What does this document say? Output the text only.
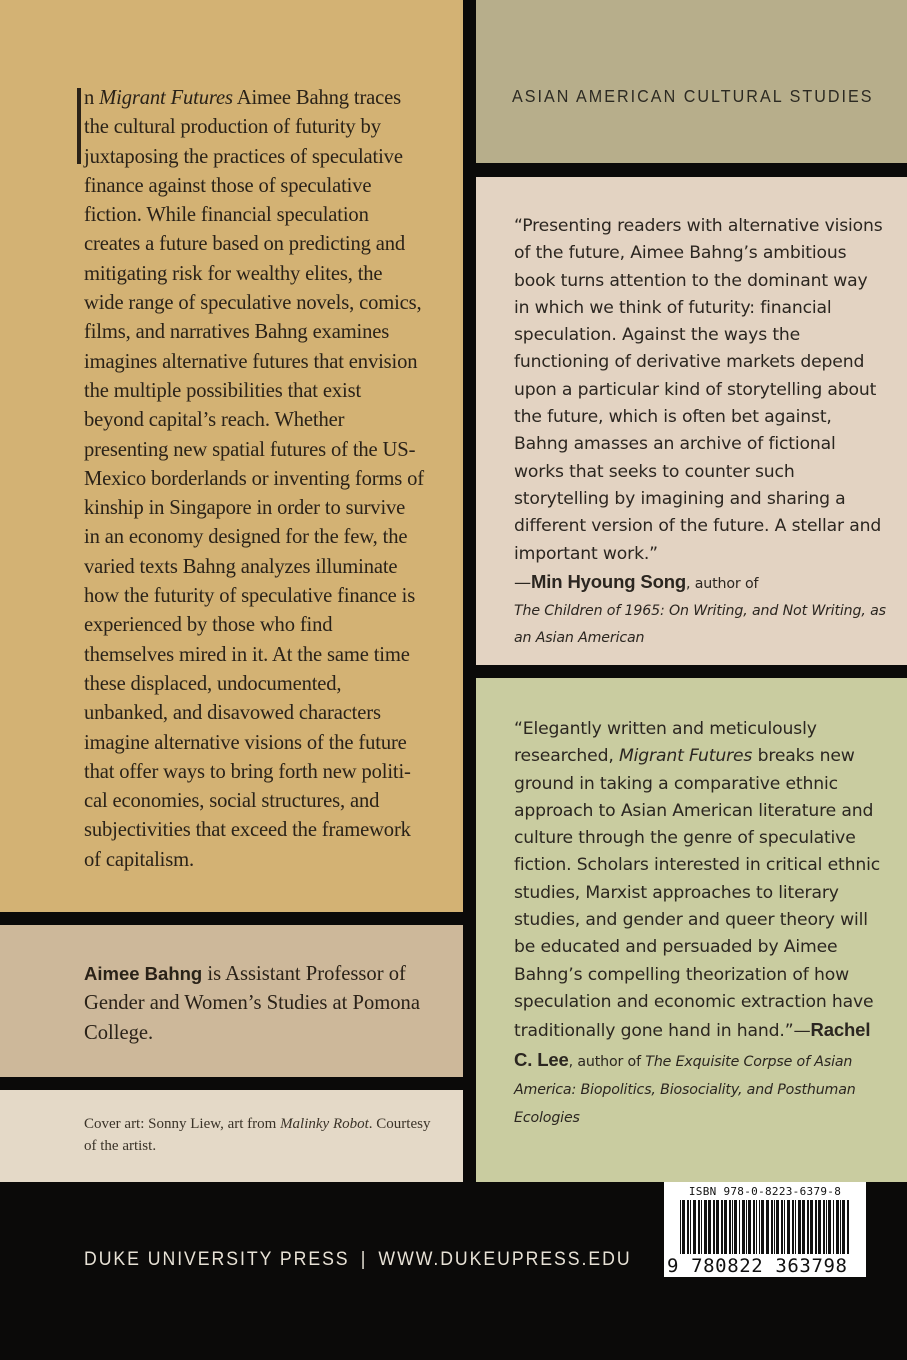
n Migrant Futures Aimee Bahng traces the cultural production of futurity by juxtaposing the practices of speculative finance against those of speculative fiction. While financial speculation creates a future based on predicting and mitigating risk for wealthy elites, the wide range of speculative novels, comics, films, and narratives Bahng examines imagines alternative futures that envision the multiple possibilities that exist beyond capital’s reach. Whether presenting new spatial futures of the US-Mexico borderlands or inventing forms of kinship in Singapore in order to survive in an economy designed for the few, the varied texts Bahng analyzes illuminate how the futurity of speculative finance is experienced by those who find themselves mired in it. At the same time these displaced, undocumented, unbanked, and disavowed characters imagine alternative visions of the future that offer ways to bring forth new political economies, social structures, and subjectivities that exceed the framework of capitalism.

ASIAN AMERICAN CULTURAL STUDIES

“Presenting readers with alternative visions of the future, Aimee Bahng’s ambitious book turns attention to the dominant way in which we think of futurity: financial speculation. Against the ways the functioning of derivative markets depend upon a particular kind of storytelling about the future, which is often bet against, Bahng amasses an archive of fictional works that seeks to counter such storytelling by imagining and sharing a different version of the future. A stellar and important work.”
—Min Hyoung Song, author of
The Children of 1965: On Writing, and Not Writing, as an Asian American

“Elegantly written and meticulously researched, Migrant Futures breaks new ground in taking a comparative ethnic approach to Asian American literature and culture through the genre of speculative fiction. Scholars interested in critical ethnic studies, Marxist approaches to literary studies, and gender and queer theory will be educated and persuaded by Aimee Bahng’s compelling theorization of how speculation and economic extraction have traditionally gone hand in hand.”—Rachel C. Lee, author of The Exquisite Corpse of Asian America: Biopolitics, Biosociality, and Posthuman Ecologies

Aimee Bahng is Assistant Professor of Gender and Women’s Studies at Pomona College.

Cover art: Sonny Liew, art from Malinky Robot. Courtesy of the artist.

DUKE UNIVERSITY PRESS | WWW.DUKEUPRESS.EDU
ISBN 978-0-8223-6379-8
9 780822 363798
